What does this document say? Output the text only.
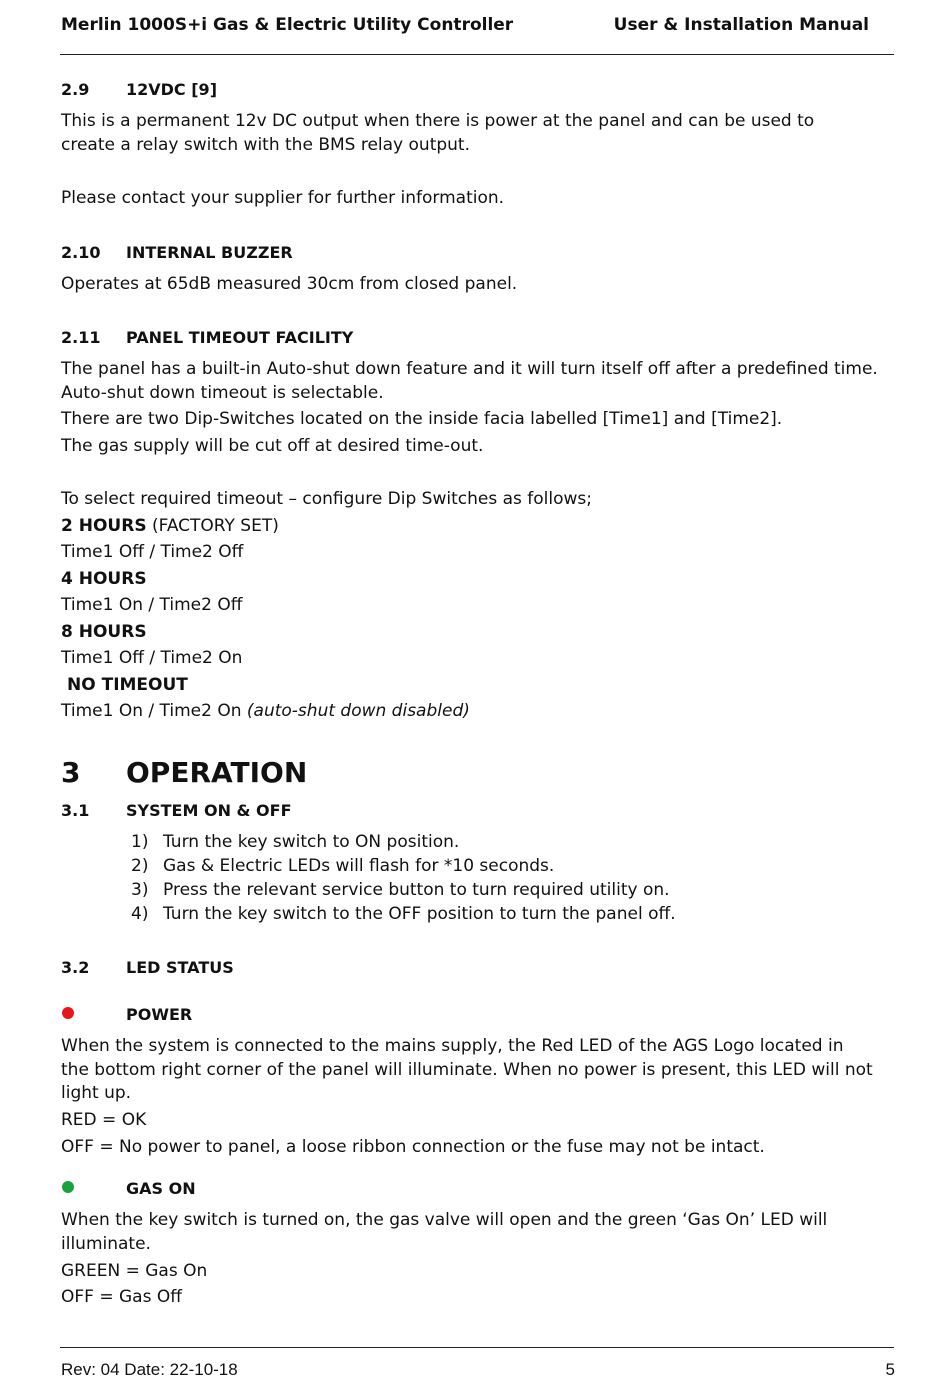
Merlin 1000S+i Gas & Electric Utility Controller	User & Installation Manual
2.9 12VDC [9]
This is a permanent 12v DC output when there is power at the panel and can be used to
create a relay switch with the BMS relay output.
Please contact your supplier for further information.
2.10 INTERNAL BUZZER
Operates at 65dB measured 30cm from closed panel.
2.11 PANEL TIMEOUT FACILITY
The panel has a built-in Auto-shut down feature and it will turn itself off after a predefined time.
Auto-shut down timeout is selectable.
There are two Dip-Switches located on the inside facia labelled [Time1] and [Time2].
The gas supply will be cut off at desired time-out.
To select required timeout – configure Dip Switches as follows;
2 HOURS (FACTORY SET)
Time1 Off / Time2 Off
4 HOURS
Time1 On / Time2 Off
8 HOURS
Time1 Off / Time2 On
NO TIMEOUT
Time1 On / Time2 On (auto-shut down disabled)
3 OPERATION
3.1 SYSTEM ON & OFF
1) Turn the key switch to ON position.
2) Gas & Electric LEDs will flash for *10 seconds.
3) Press the relevant service button to turn required utility on.
4) Turn the key switch to the OFF position to turn the panel off.
3.2 LED STATUS
POWER
When the system is connected to the mains supply, the Red LED of the AGS Logo located in
the bottom right corner of the panel will illuminate. When no power is present, this LED will not
light up.
RED = OK
OFF = No power to panel, a loose ribbon connection or the fuse may not be intact.
GAS ON
When the key switch is turned on, the gas valve will open and the green ‘Gas On’ LED will
illuminate.
GREEN = Gas On
OFF = Gas Off
Rev: 04 Date: 22-10-18	5
